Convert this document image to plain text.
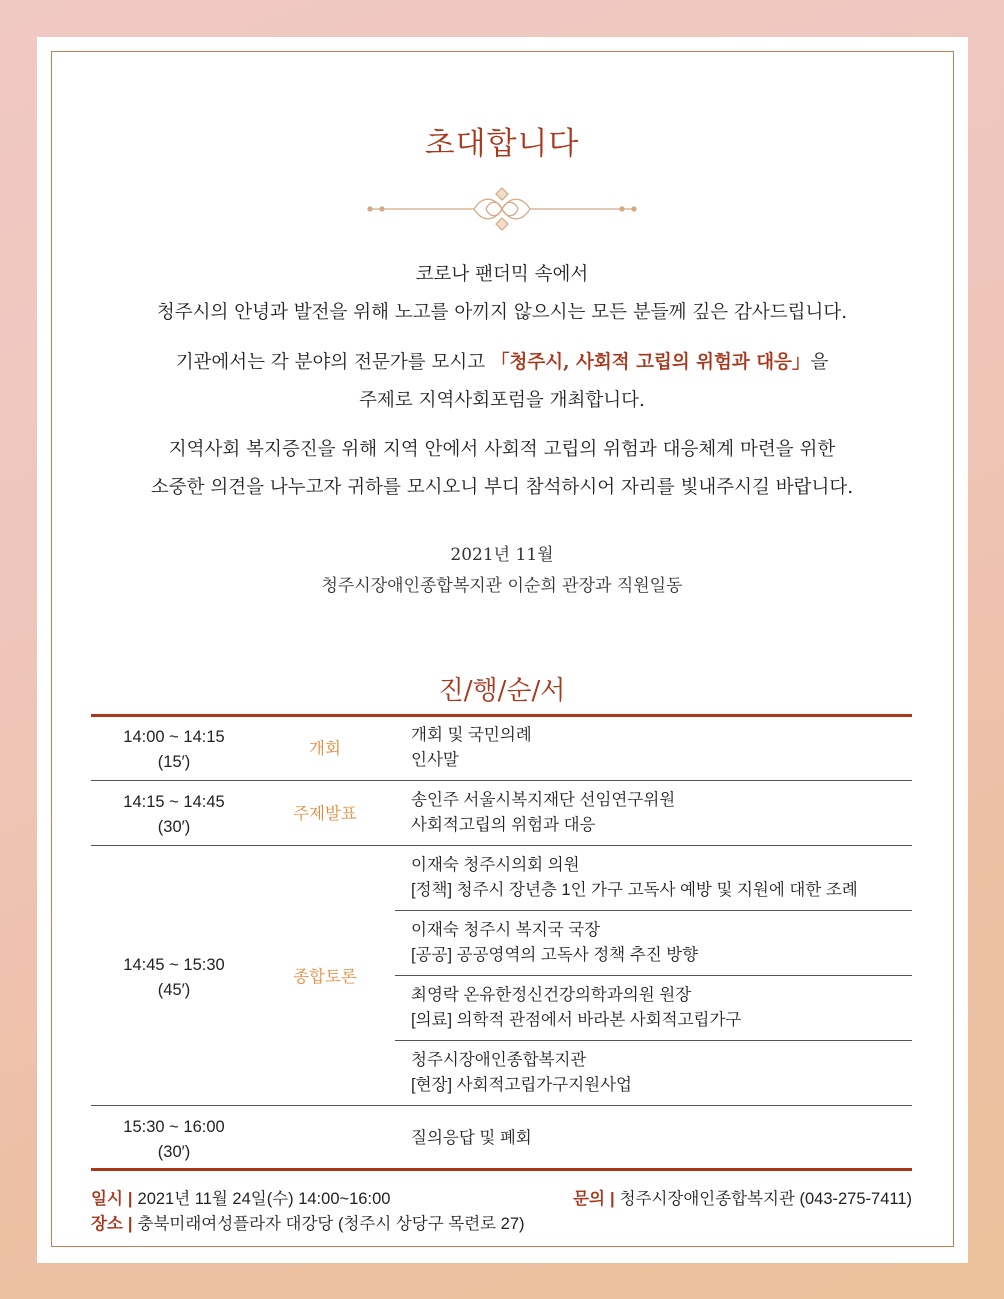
초대합니다
코로나 팬더믹 속에서
청주시의 안녕과 발전을 위해 노고를 아끼지 않으시는 모든 분들께 깊은 감사드립니다.
기관에서는 각 분야의 전문가를 모시고 「청주시, 사회적 고립의 위험과 대응」을
주제로 지역사회포럼을 개최합니다.
지역사회 복지증진을 위해 지역 안에서 사회적 고립의 위험과 대응체계 마련을 위한
소중한 의견을 나누고자 귀하를 모시오니 부디 참석하시어 자리를 빛내주시길 바랍니다.
2021년 11월
청주시장애인종합복지관 이순희 관장과 직원일동
진/행/순/서
14:00 ~ 14:15
(15′)
개회
개회 및 국민의례
인사말
14:15 ~ 14:45
(30′)
주제발표
송인주 서울시복지재단 선임연구위원
사회적고립의 위험과 대응
14:45 ~ 15:30
(45′)
종합토론
이재숙 청주시의회 의원
[정책] 청주시 장년층 1인 가구 고독사 예방 및 지원에 대한 조례
이재숙 청주시 복지국 국장
[공공] 공공영역의 고독사 정책 추진 방향
최영락 온유한정신건강의학과의원 원장
[의료] 의학적 관점에서 바라본 사회적고립가구
청주시장애인종합복지관
[현장] 사회적고립가구지원사업
15:30 ~ 16:00
(30′)
질의응답 및 폐회
일시 | 2021년 11월 24일(수) 14:00~16:00
장소 | 충북미래여성플라자 대강당 (청주시 상당구 목련로 27)
문의 | 청주시장애인종합복지관 (043-275-7411)
